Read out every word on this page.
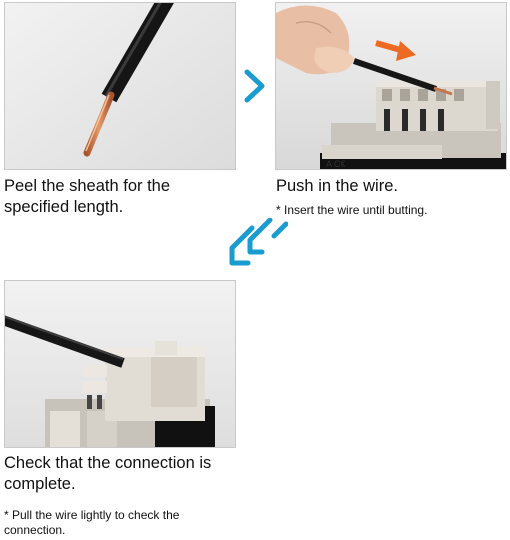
A C€
Peel the sheath for the specified length.
Push in the wire.
* Insert the wire until butting.
Check that the connection is complete.
* Pull the wire lightly to check the connection.
